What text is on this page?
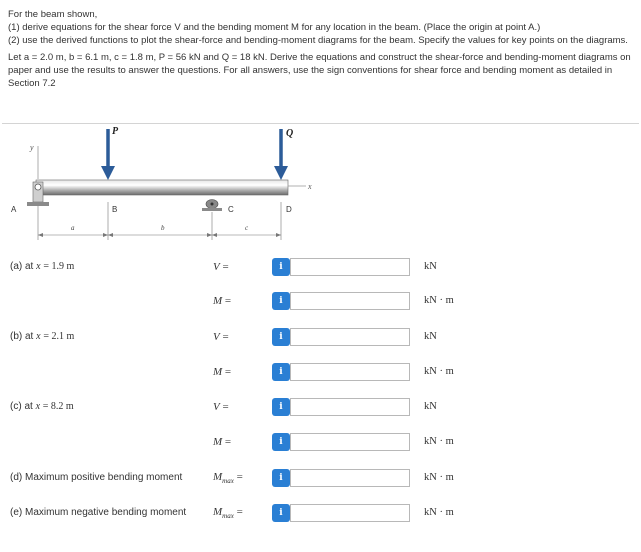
For the beam shown,

(1) derive equations for the shear force V and the bending moment M for any location in the beam. (Place the origin at point A.)

(2) use the derived functions to plot the shear-force and bending-moment diagrams for the beam. Specify the values for key points on the diagrams.

Let a = 2.0 m, b = 6.1 m, c = 1.8 m, P = 56 kN and Q = 18 kN. Derive the equations and construct the shear-force and bending-moment diagrams on paper and use the results to answer the questions. For all answers, use the sign conventions for shear force and bending moment as detailed in Section 7.2

y
x
P	Q
A	B	C	D
a	b	c
(a) at x = 1.9 m	V =	i	kN
M =	i	kN · m
(b) at x = 2.1 m	V =	i	kN
M =	i	kN · m
(c) at x = 8.2 m	V =	i	kN
M =	i	kN · m
(d) Maximum positive bending moment	$M_{max}$ =	i	kN · m
(e) Maximum negative bending moment $M_{max}$ =	i	kN · m
